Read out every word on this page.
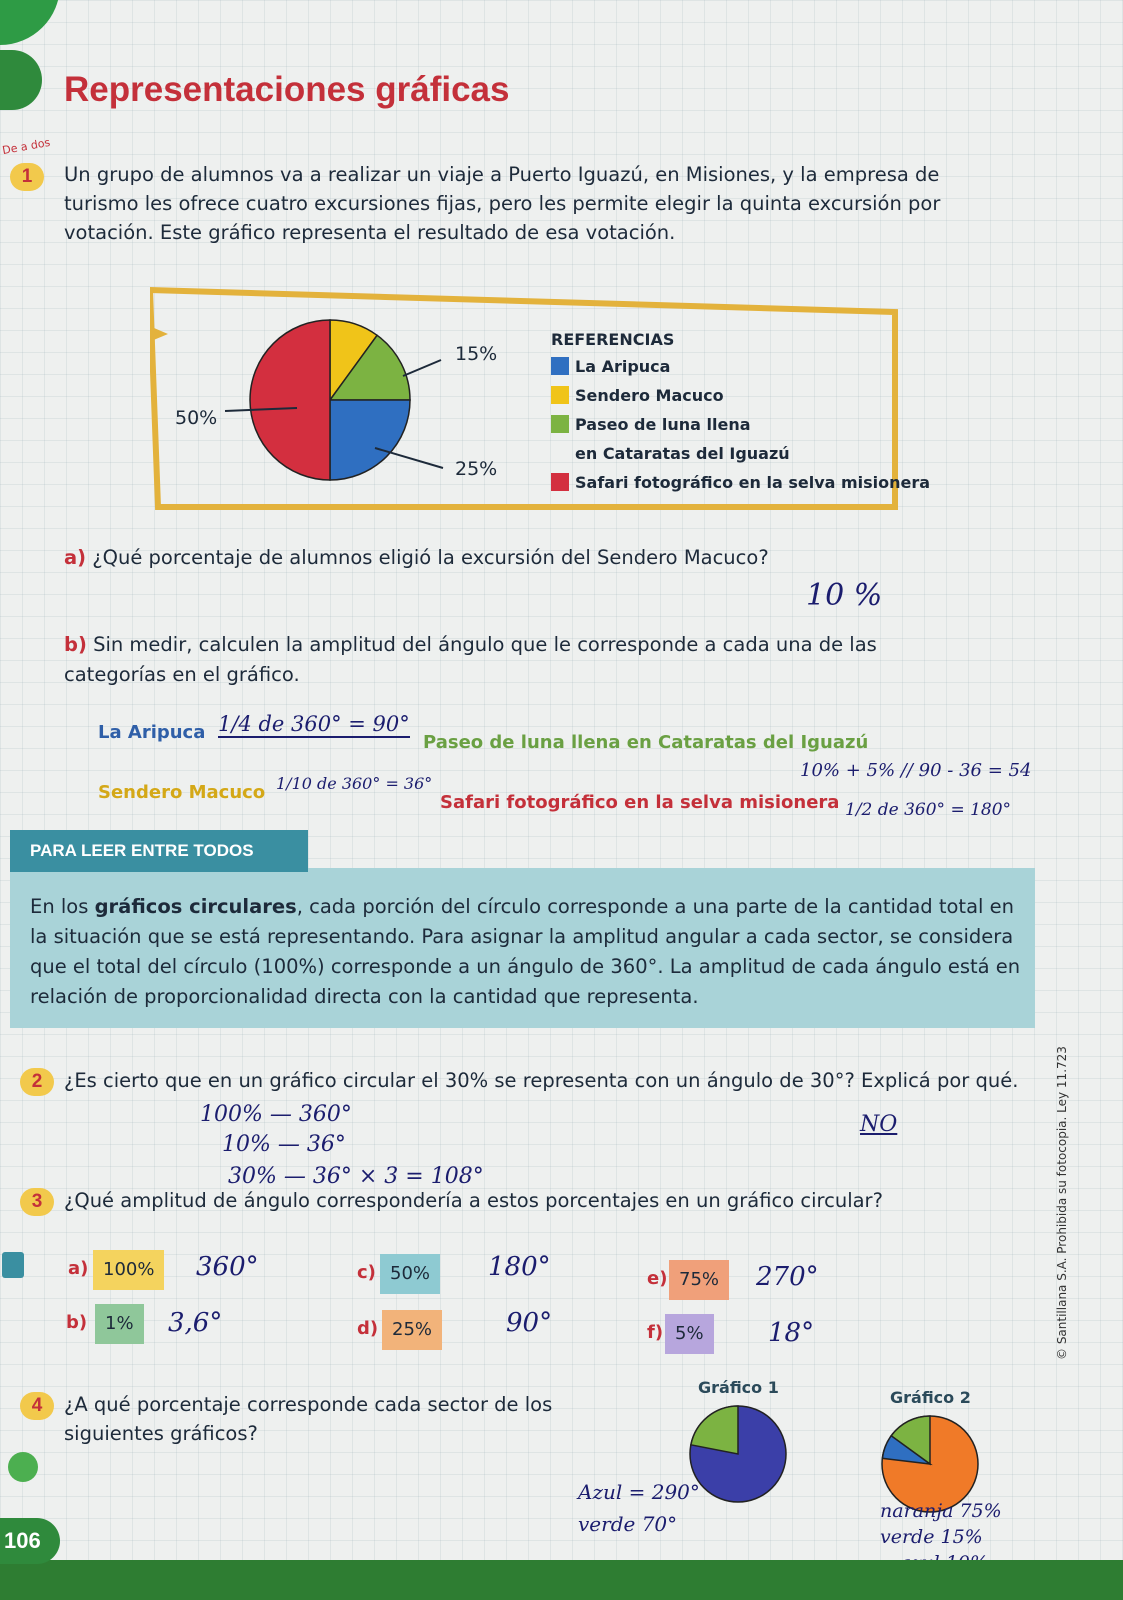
Representaciones gráficas
De a dos
1	Un grupo de alumnos va a realizar un viaje a Puerto Iguazú, en Misiones, y la empresa de turismo les ofrece cuatro excursiones fijas, pero les permite elegir la quinta excursión por votación. Este gráfico representa el resultado de esa votación.
15%
50%
25%
REFERENCIAS
La Aripuca
Sendero Macuco
Paseo de luna llena
en Cataratas del Iguazú
Safari fotográfico en la selva misionera
a) ¿Qué porcentaje de alumnos eligió la excursión del Sendero Macuco?
10 %
b) Sin medir, calculen la amplitud del ángulo que le corresponde a cada una de las categorías en el gráfico.
La Aripuca 1/4 de 360° = 90°
Paseo de luna llena en Cataratas del Iguazú
10% + 5% // 90 - 36 = 54
Sendero Macuco 1/10 de 360° = 36°
Safari fotográfico en la selva misionera 1/2 de 360° = 180°
PARA LEER ENTRE TODOS
En los gráficos circulares, cada porción del círculo corresponde a una parte de la cantidad total en la situación que se está representando. Para asignar la amplitud angular a cada sector, se considera que el total del círculo (100%) corresponde a un ángulo de 360°. La amplitud de cada ángulo está en relación de proporcionalidad directa con la cantidad que representa.
2	¿Es cierto que en un gráfico circular el 30% se representa con un ángulo de 30°? Explicá por qué.
100% — 360°
10% — 36°
30% — 36° × 3 = 108°
NO
3	¿Qué amplitud de ángulo correspondería a estos porcentajes en un gráfico circular?
a) 100%	360°
b) 1%	3,6°
c) 50%	180°
d) 25%	90°
e) 75%	270°
f) 5%	18°
4	¿A qué porcentaje corresponde cada sector de los siguientes gráficos?
Gráfico 1
Azul = 290°
verde 70°
Gráfico 2
naranja 75%
verde 15%
© Santillana S.A. Prohibida su fotocopia. Ley 11.723
106
